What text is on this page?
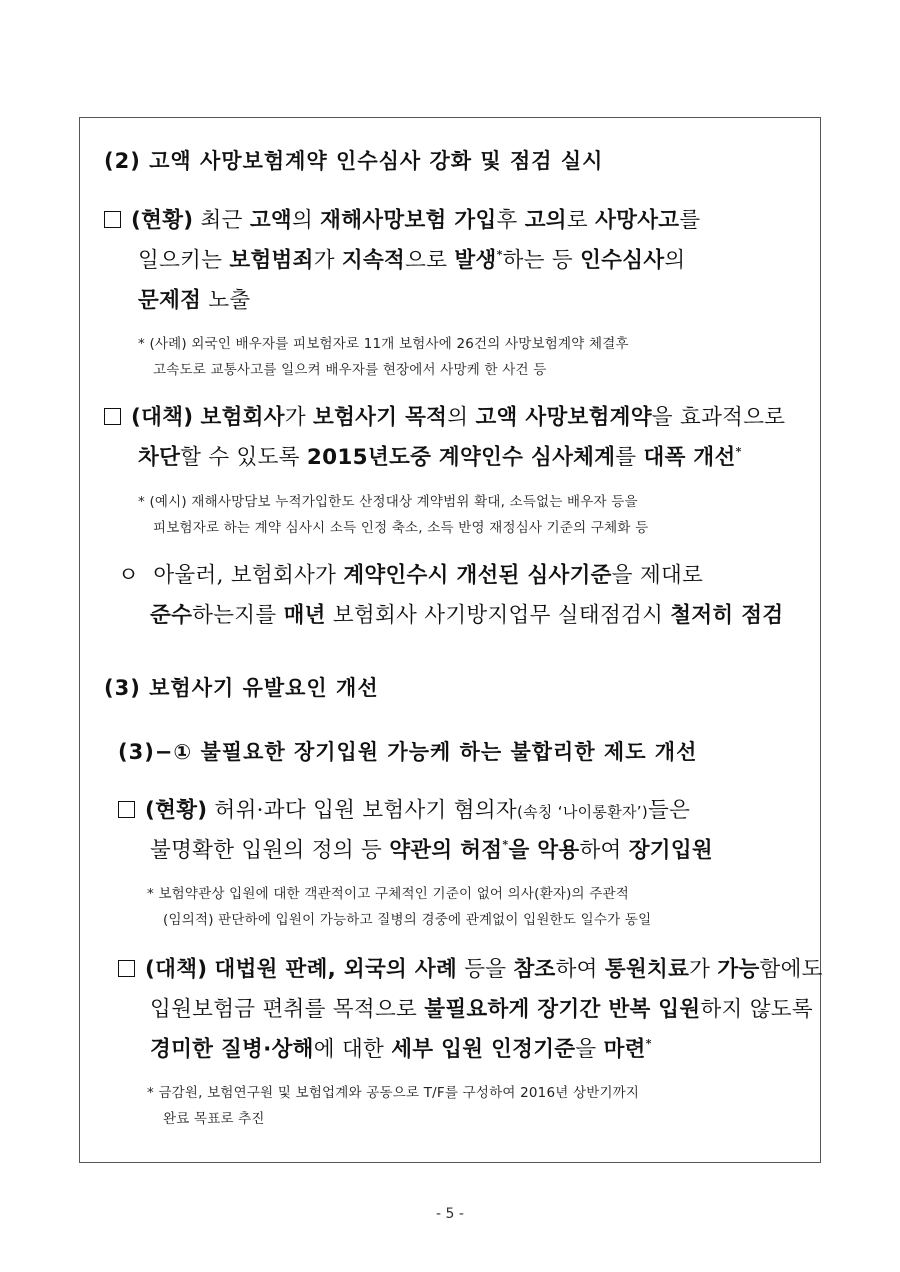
(2) 고액 사망보험계약 인수심사 강화 및 점검 실시
(현황) 최근 고액의 재해사망보험 가입후 고의로 사망사고를
일으키는 보험범죄가 지속적으로 발생*하는 등 인수심사의
문제점 노출
* (사례) 외국인 배우자를 피보험자로 11개 보험사에 26건의 사망보험계약 체결후
고속도로 교통사고를 일으켜 배우자를 현장에서 사망케 한 사건 등
(대책) 보험회사가 보험사기 목적의 고액 사망보험계약을 효과적으로
차단할 수 있도록 2015년도중 계약인수 심사체계를 대폭 개선*
* (예시) 재해사망담보 누적가입한도 산정대상 계약범위 확대, 소득없는 배우자 등을
피보험자로 하는 계약 심사시 소득 인정 축소, 소득 반영 재정심사 기준의 구체화 등
ㅇ 아울러, 보험회사가 계약인수시 개선된 심사기준을 제대로
준수하는지를 매년 보험회사 사기방지업무 실태점검시 철저히 점검
(3) 보험사기 유발요인 개선
(3)−① 불필요한 장기입원 가능케 하는 불합리한 제도 개선
(현황) 허위·과다 입원 보험사기 혐의자(속칭 ‘나이롱환자’)들은
불명확한 입원의 정의 등 약관의 허점*을 악용하여 장기입원
* 보험약관상 입원에 대한 객관적이고 구체적인 기준이 없어 의사(환자)의 주관적
(임의적) 판단하에 입원이 가능하고 질병의 경중에 관계없이 입원한도 일수가 동일
(대책) 대법원 판례, 외국의 사례 등을 참조하여 통원치료가 가능함에도
입원보험금 편취를 목적으로 불필요하게 장기간 반복 입원하지 않도록
경미한 질병·상해에 대한 세부 입원 인정기준을 마련*
* 금감원, 보험연구원 및 보험업계와 공동으로 T/F를 구성하여 2016년 상반기까지
완료 목표로 추진
- 5 -
